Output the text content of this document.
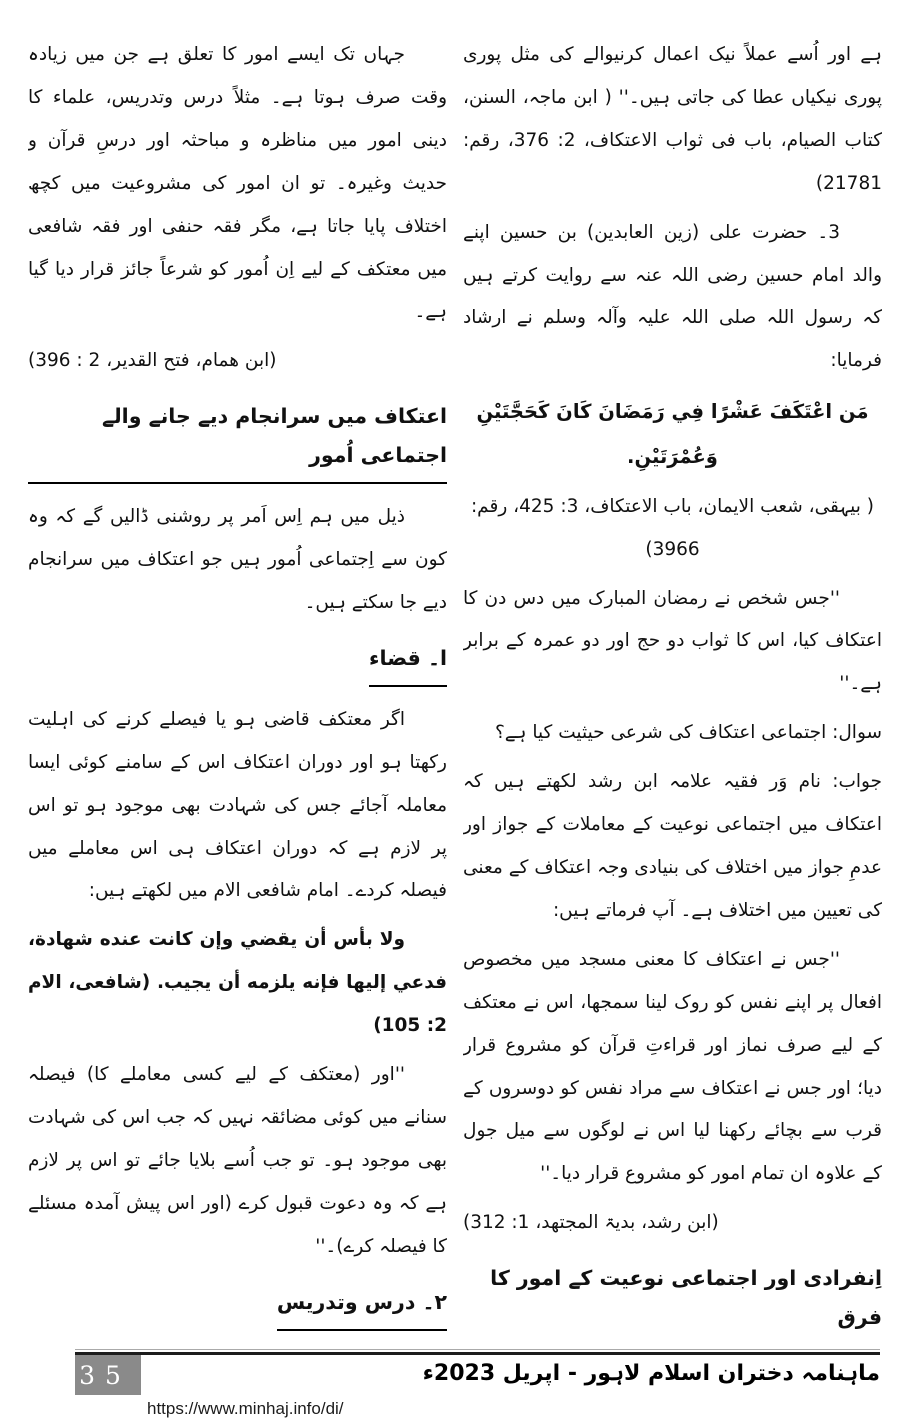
جہاں تک ایسے امور کا تعلق ہے جن میں زیادہ وقت صرف ہوتا ہے۔ مثلاً درس وتدریس، علماء کا دینی امور میں مناظرہ و مباحثہ اور درسِ قرآن و حدیث وغیرہ۔ تو ان امور کی مشروعیت میں کچھ اختلاف پایا جاتا ہے، مگر فقہ حنفی اور فقہ شافعی میں معتکف کے لیے اِن اُمور کو شرعاً جائز قرار دیا گیا ہے۔

(ابن ھمام، فتح القدیر، 2 : 396)

اعتکاف میں سرانجام دیے جانے والے اجتماعی اُمور

ذیل میں ہم اِس اَمر پر روشنی ڈالیں گے کہ وہ کون سے اِجتماعی اُمور ہیں جو اعتکاف میں سرانجام دیے جا سکتے ہیں۔

ا۔ قضاء

اگر معتکف قاضی ہو یا فیصلے کرنے کی اہلیت رکھتا ہو اور دوران اعتکاف اس کے سامنے کوئی ایسا معاملہ آجائے جس کی شہادت بھی موجود ہو تو اس پر لازم ہے کہ دوران اعتکاف ہی اس معاملے میں فیصلہ کردے۔ امام شافعی الام میں لکھتے ہیں:

ولا بأس أن يقضي وإن كانت عنده شهادة، فدعي إليها فإنه يلزمه أن يجيب. (شافعی، الام 2: 105)

''اور (معتکف کے لیے کسی معاملے کا) فیصلہ سنانے میں کوئی مضائقہ نہیں کہ جب اس کی شہادت بھی موجود ہو۔ تو جب اُسے بلایا جائے تو اس پر لازم ہے کہ وہ دعوت قبول کرے (اور اس پیش آمدہ مسئلے کا فیصلہ کرے)۔''

۲۔ درس وتدریس

ہے اور اُسے عملاً نیک اعمال کرنیوالے کی مثل پوری پوری نیکیاں عطا کی جاتی ہیں۔'' ( ابن ماجہ، السنن، کتاب الصیام، باب فی ثواب الاعتکاف، 2: 376، رقم: 21781)

3۔ حضرت علی (زین العابدین) بن حسین اپنے والد امام حسین رضی اللہ عنہ سے روایت کرتے ہیں کہ رسول اللہ صلی اللہ علیہ وآلہ وسلم نے ارشاد فرمایا:

مَن اعْتَكَفَ عَشْرًا فِي رَمَضَانَ كَانَ كَحَجَّتَيْنِ وَعُمْرَتَيْنِ.

( بیہقی، شعب الایمان، باب الاعتکاف، 3: 425، رقم: 3966)

''جس شخص نے رمضان المبارک میں دس دن کا اعتکاف کیا، اس کا ثواب دو حج اور دو عمرہ کے برابر ہے۔''

سوال: اجتماعی اعتکاف کی شرعی حیثیت کیا ہے؟

جواب: نام وَر فقیہ علامہ ابن رشد لکھتے ہیں کہ اعتکاف میں اجتماعی نوعیت کے معاملات کے جواز اور عدمِ جواز میں اختلاف کی بنیادی وجہ اعتکاف کے معنی کی تعیین میں اختلاف ہے۔ آپ فرماتے ہیں:

''جس نے اعتکاف کا معنی مسجد میں مخصوص افعال پر اپنے نفس کو روک لینا سمجھا، اس نے معتکف کے لیے صرف نماز اور قراءتِ قرآن کو مشروع قرار دیا؛ اور جس نے اعتکاف سے مراد نفس کو دوسروں کے قرب سے بچائے رکھنا لیا اس نے لوگوں سے میل جول کے علاوہ ان تمام امور کو مشروع قرار دیا۔''

(ابن رشد، بدیۃ المجتھد، 1: 312)

اِنفرادی اور اجتماعی نوعیت کے امور کا فرق

35	ماہنامہ دختران اسلام لاہور - اپریل 2023ء
https://www.minhaj.info/di/
